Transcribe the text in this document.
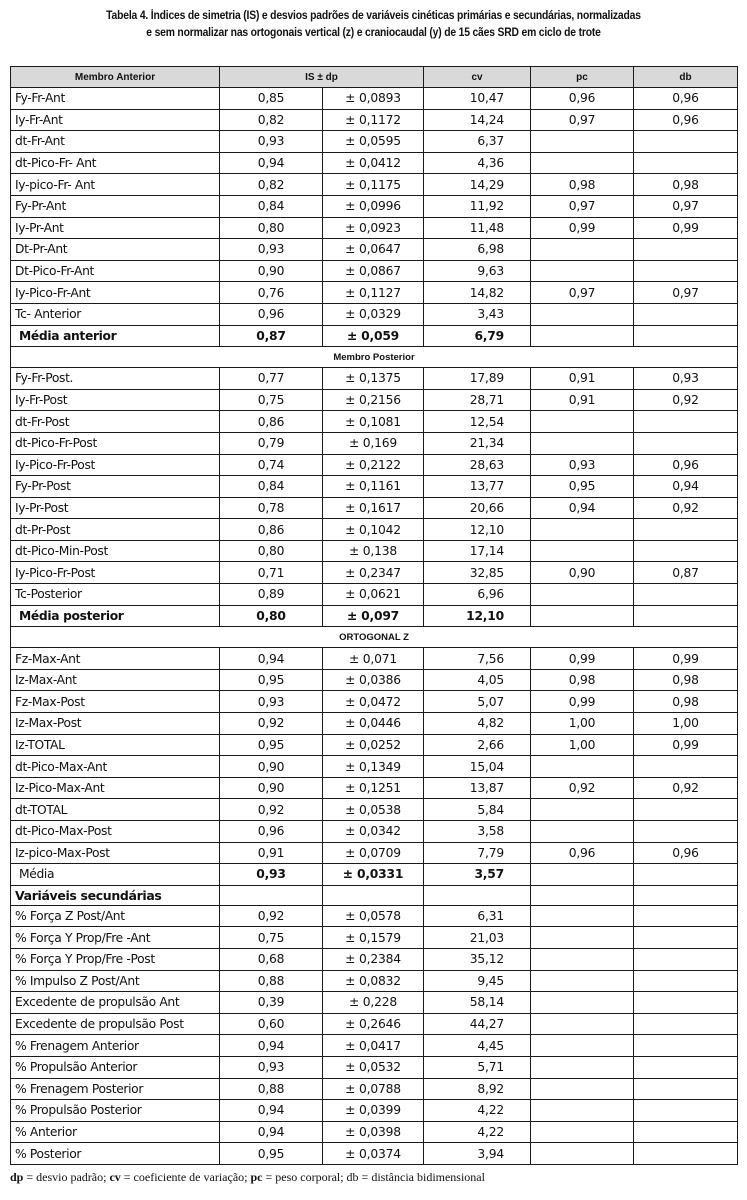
Tabela 4. Índices de simetria (IS) e desvios padrões de variáveis cinéticas primárias e secundárias, normalizadas
e sem normalizar nas ortogonais vertical (z) e craniocaudal (y) de 15 cães SRD em ciclo de trote
Membro Anterior	IS ± dp		cv	pc	db
Fy-Fr-Ant	0,85	± 0,0893	10,47	0,96	0,96
Iy-Fr-Ant	0,82	± 0,1172	14,24	0,97	0,96
dt-Fr-Ant	0,93	± 0,0595	6,37		
dt-Pico-Fr- Ant	0,94	± 0,0412	4,36		
Iy-pico-Fr- Ant	0,82	± 0,1175	14,29	0,98	0,98
Fy-Pr-Ant	0,84	± 0,0996	11,92	0,97	0,97
Iy-Pr-Ant	0,80	± 0,0923	11,48	0,99	0,99
Dt-Pr-Ant	0,93	± 0,0647	6,98		
Dt-Pico-Fr-Ant	0,90	± 0,0867	9,63		
Iy-Pico-Fr-Ant	0,76	± 0,1127	14,82	0,97	0,97
Tc- Anterior	0,96	± 0,0329	3,43		
Média anterior	0,87	± 0,059	6,79		
Membro Posterior					
Fy-Fr-Post.	0,77	± 0,1375	17,89	0,91	0,93
Iy-Fr-Post	0,75	± 0,2156	28,71	0,91	0,92
dt-Fr-Post	0,86	± 0,1081	12,54		
dt-Pico-Fr-Post	0,79	± 0,169	21,34		
Iy-Pico-Fr-Post	0,74	± 0,2122	28,63	0,93	0,96
Fy-Pr-Post	0,84	± 0,1161	13,77	0,95	0,94
Iy-Pr-Post	0,78	± 0,1617	20,66	0,94	0,92
dt-Pr-Post	0,86	± 0,1042	12,10		
dt-Pico-Min-Post	0,80	± 0,138	17,14		
Iy-Pico-Fr-Post	0,71	± 0,2347	32,85	0,90	0,87
Tc-Posterior	0,89	± 0,0621	6,96		
Média posterior	0,80	± 0,097	12,10		
ORTOGONAL Z					
Fz-Max-Ant	0,94	± 0,071	7,56	0,99	0,99
Iz-Max-Ant	0,95	± 0,0386	4,05	0,98	0,98
Fz-Max-Post	0,93	± 0,0472	5,07	0,99	0,98
Iz-Max-Post	0,92	± 0,0446	4,82	1,00	1,00
Iz-TOTAL	0,95	± 0,0252	2,66	1,00	0,99
dt-Pico-Max-Ant	0,90	± 0,1349	15,04		
Iz-Pico-Max-Ant	0,90	± 0,1251	13,87	0,92	0,92
dt-TOTAL	0,92	± 0,0538	5,84		
dt-Pico-Max-Post	0,96	± 0,0342	3,58		
Iz-pico-Max-Post	0,91	± 0,0709	7,79	0,96	0,96
Média	0,93	± 0,0331	3,57		
Variáveis secundárias					
% Força Z Post/Ant	0,92	± 0,0578	6,31		
% Força Y Prop/Fre -Ant	0,75	± 0,1579	21,03		
% Força Y Prop/Fre -Post	0,68	± 0,2384	35,12		
% Impulso Z Post/Ant	0,88	± 0,0832	9,45		
Excedente de propulsão Ant	0,39	± 0,228	58,14		
Excedente de propulsão Post	0,60	± 0,2646	44,27		
% Frenagem Anterior	0,94	± 0,0417	4,45		
% Propulsão Anterior	0,93	± 0,0532	5,71		
% Frenagem Posterior	0,88	± 0,0788	8,92		
% Propulsão Posterior	0,94	± 0,0399	4,22		
% Anterior	0,94	± 0,0398	4,22		
% Posterior	0,95	± 0,0374	3,94		
dp = desvio padrão; cv = coeficiente de variação; pc = peso corporal; db = distância bidimensional
